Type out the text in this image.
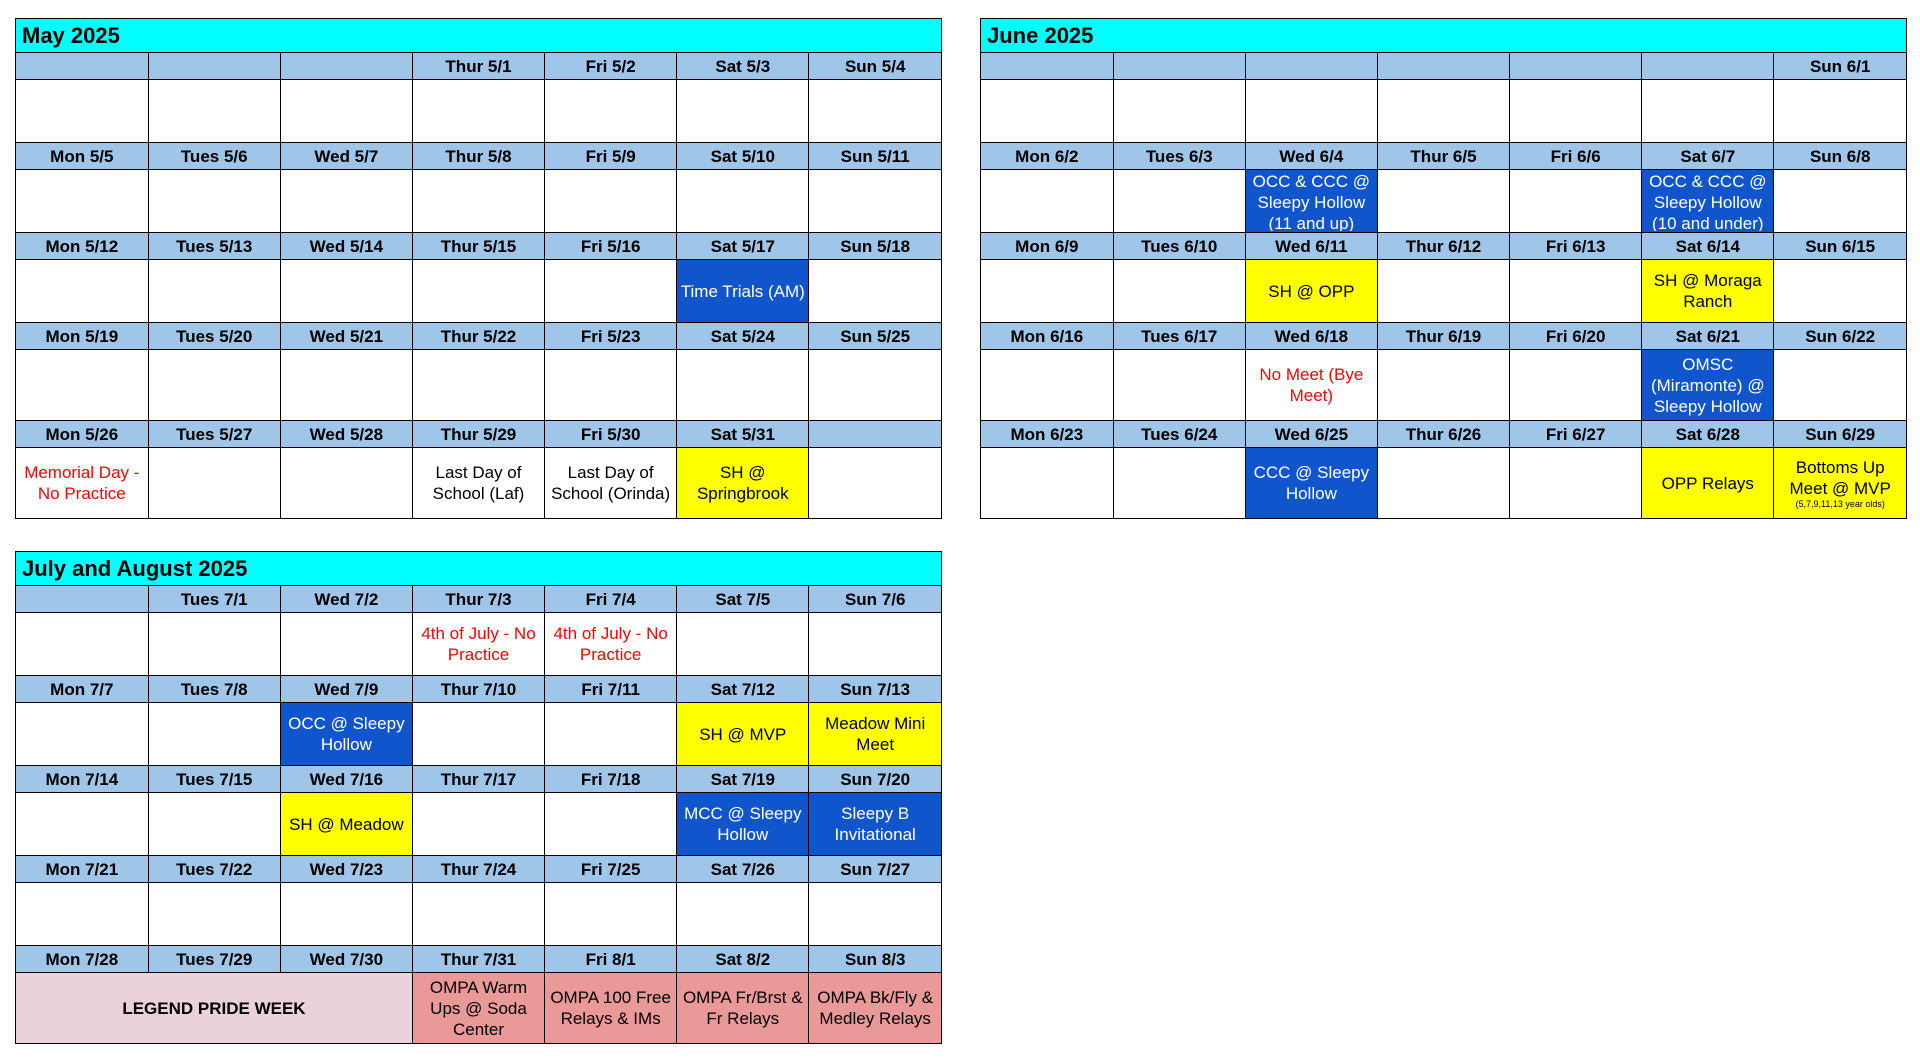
May 2025
			Thur 5/1	Fri 5/2	Sat 5/3	Sun 5/4

Mon 5/5	Tues 5/6	Wed 5/7	Thur 5/8	Fri 5/9	Sat 5/10	Sun 5/11

Mon 5/12	Tues 5/13	Wed 5/14	Thur 5/15	Fri 5/16	Sat 5/17	Sun 5/18

					Time Trials (AM)	

Mon 5/19	Tues 5/20	Wed 5/21	Thur 5/22	Fri 5/23	Sat 5/24	Sun 5/25

Mon 5/26	Tues 5/27	Wed 5/28	Thur 5/29	Fri 5/30	Sat 5/31	

Memorial Day - No Practice			Last Day of School (Laf)	Last Day of School (Orinda)	SH @ Springbrook	

June 2025
						Sun 6/1

Mon 6/2	Tues 6/3	Wed 6/4	Thur 6/5	Fri 6/6	Sat 6/7	Sun 6/8

		OCC & CCC @ Sleepy Hollow (11 and up)			OCC & CCC @ Sleepy Hollow (10 and under)	

Mon 6/9	Tues 6/10	Wed 6/11	Thur 6/12	Fri 6/13	Sat 6/14	Sun 6/15

		SH @ OPP			SH @ Moraga Ranch	

Mon 6/16	Tues 6/17	Wed 6/18	Thur 6/19	Fri 6/20	Sat 6/21	Sun 6/22

		No Meet (Bye Meet)			OMSC (Miramonte) @ Sleepy Hollow	

Mon 6/23	Tues 6/24	Wed 6/25	Thur 6/26	Fri 6/27	Sat 6/28	Sun 6/29

		CCC @ Sleepy Hollow			OPP Relays	Bottoms Up Meet @ MVP
(5,7,9,11,13 year olds)
July and August 2025
	Tues 7/1	Wed 7/2	Thur 7/3	Fri 7/4	Sat 7/5	Sun 7/6

			4th of July - No Practice	4th of July - No Practice		

Mon 7/7	Tues 7/8	Wed 7/9	Thur 7/10	Fri 7/11	Sat 7/12	Sun 7/13

		OCC @ Sleepy Hollow			SH @ MVP	Meadow Mini Meet

Mon 7/14	Tues 7/15	Wed 7/16	Thur 7/17	Fri 7/18	Sat 7/19	Sun 7/20

		SH @ Meadow			MCC @ Sleepy Hollow	Sleepy B Invitational

Mon 7/21	Tues 7/22	Wed 7/23	Thur 7/24	Fri 7/25	Sat 7/26	Sun 7/27

Mon 7/28	Tues 7/29	Wed 7/30	Thur 7/31	Fri 8/1	Sat 8/2	Sun 8/3

LEGEND PRIDE WEEK			OMPA Warm Ups @ Soda Center	OMPA 100 Free Relays & IMs	OMPA Fr/Brst & Fr Relays	OMPA Bk/Fly & Medley Relays
